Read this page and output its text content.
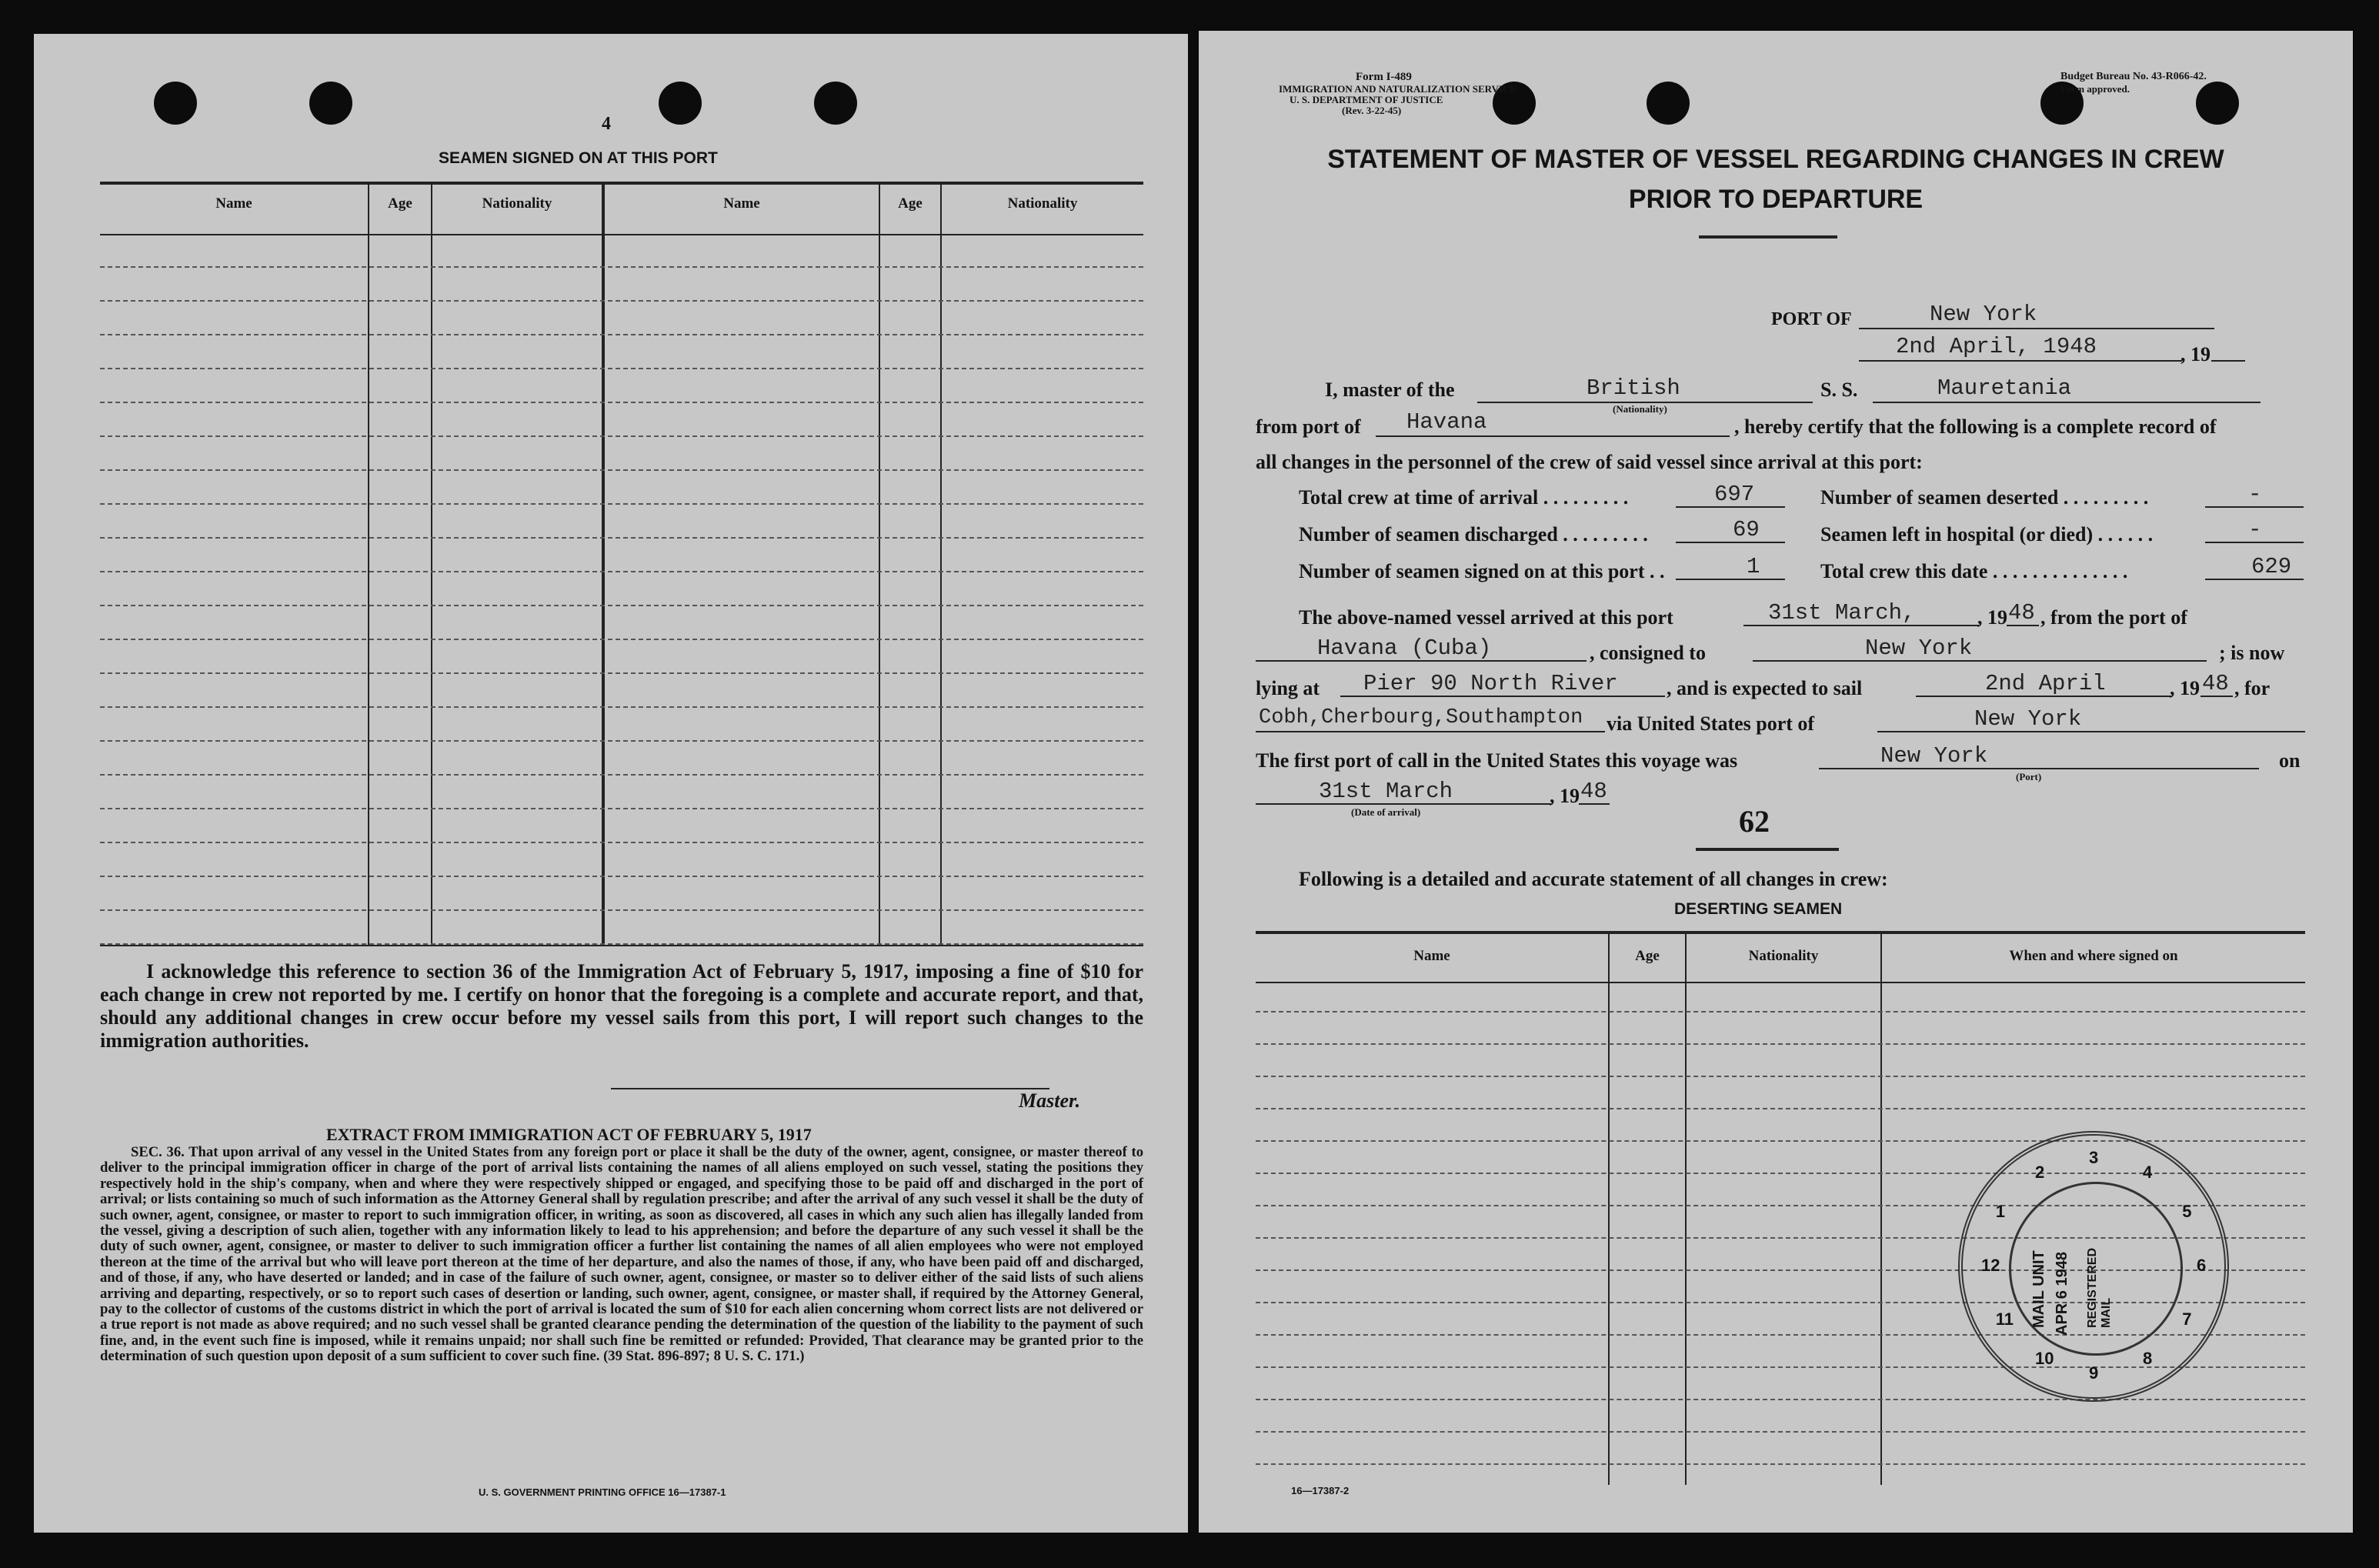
4
SEAMEN SIGNED ON AT THIS PORT
Name	Age	Nationality	Name	Age	Nationality
I acknowledge this reference to section 36 of the Immigration Act of February 5, 1917, imposing a fine of $10 for each change in crew not reported by me. I certify on honor that the foregoing is a complete and accurate report, and that, should any additional changes in crew occur before my vessel sails from this port, I will report such changes to the immigration authorities.
Master.
EXTRACT FROM IMMIGRATION ACT OF FEBRUARY 5, 1917
SEC. 36. That upon arrival of any vessel in the United States from any foreign port or place it shall be the duty of the owner, agent, consignee, or master thereof to deliver to the principal immigration officer in charge of the port of arrival lists containing the names of all aliens employed on such vessel, stating the positions they respectively hold in the ship's company, when and where they were respectively shipped or engaged, and specifying those to be paid off and discharged in the port of arrival; or lists containing so much of such information as the Attorney General shall by regulation prescribe; and after the arrival of any such vessel it shall be the duty of such owner, agent, consignee, or master to report to such immigration officer, in writing, as soon as discovered, all cases in which any such alien has illegally landed from the vessel, giving a description of such alien, together with any information likely to lead to his apprehension; and before the departure of any such vessel it shall be the duty of such owner, agent, consignee, or master to deliver to such immigration officer a further list containing the names of all alien employees who were not employed thereon at the time of the arrival but who will leave port thereon at the time of her departure, and also the names of those, if any, who have been paid off and discharged, and of those, if any, who have deserted or landed; and in case of the failure of such owner, agent, consignee, or master so to deliver either of the said lists of such aliens arriving and departing, respectively, or so to report such cases of desertion or landing, such owner, agent, consignee, or master shall, if required by the Attorney General, pay to the collector of customs of the customs district in which the port of arrival is located the sum of $10 for each alien concerning whom correct lists are not delivered or a true report is not made as above required; and no such vessel shall be granted clearance pending the determination of the question of the liability to the payment of such fine, and, in the event such fine is imposed, while it remains unpaid; nor shall such fine be remitted or refunded: Provided, That clearance may be granted prior to the determination of such question upon deposit of a sum sufficient to cover such fine. (39 Stat. 896-897; 8 U. S. C. 171.)
U. S. GOVERNMENT PRINTING OFFICE 16—17387-1
Form I-489
IMMIGRATION AND NATURALIZATION SERVICE
U. S. DEPARTMENT OF JUSTICE
(Rev. 3-22-45)
Budget Bureau No. 43-R066-42.
Form approved.
STATEMENT OF MASTER OF VESSEL REGARDING CHANGES IN CREW
PRIOR TO DEPARTURE
PORT OF	New York
2nd April, 1948	, 19
I, master of the	British
(Nationality)
S. S.	Mauretania
from port of Havana	, hereby certify that the following is a complete record of
all changes in the personnel of the crew of said vessel since arrival at this port:
Total crew at time of arrival . . . . . . . . .	697
Number of seamen discharged . . . . . . . . .	69
Number of seamen signed on at this port . .	1
Number of seamen deserted . . . . . . . . .	-
Seamen left in hospital (or died) . . . . . .	-
Total crew this date . . . . . . . . . . . . . .	629
The above-named vessel arrived at this port	31st March,	, 19 48 , from the port of
Havana (Cuba)	, consigned to	New York	; is now
lying at Pier 90 North River , and is expected to sail	2nd April	, 19 48 , for
Cobh,Cherbourg,Southampton via United States port of	New York
The first port of call in the United States this voyage was	New York
(Port)
on
31st March	, 19 48
(Date of arrival)	62
Following is a detailed and accurate statement of all changes in crew:
DESERTING SEAMEN
Name	Age	Nationality	When and where signed on
16—17387-2
MAIL UNIT APR 6 1948 REGISTERED MAIL
1
2
3
4
5
6
7
8
9
10
11
12
